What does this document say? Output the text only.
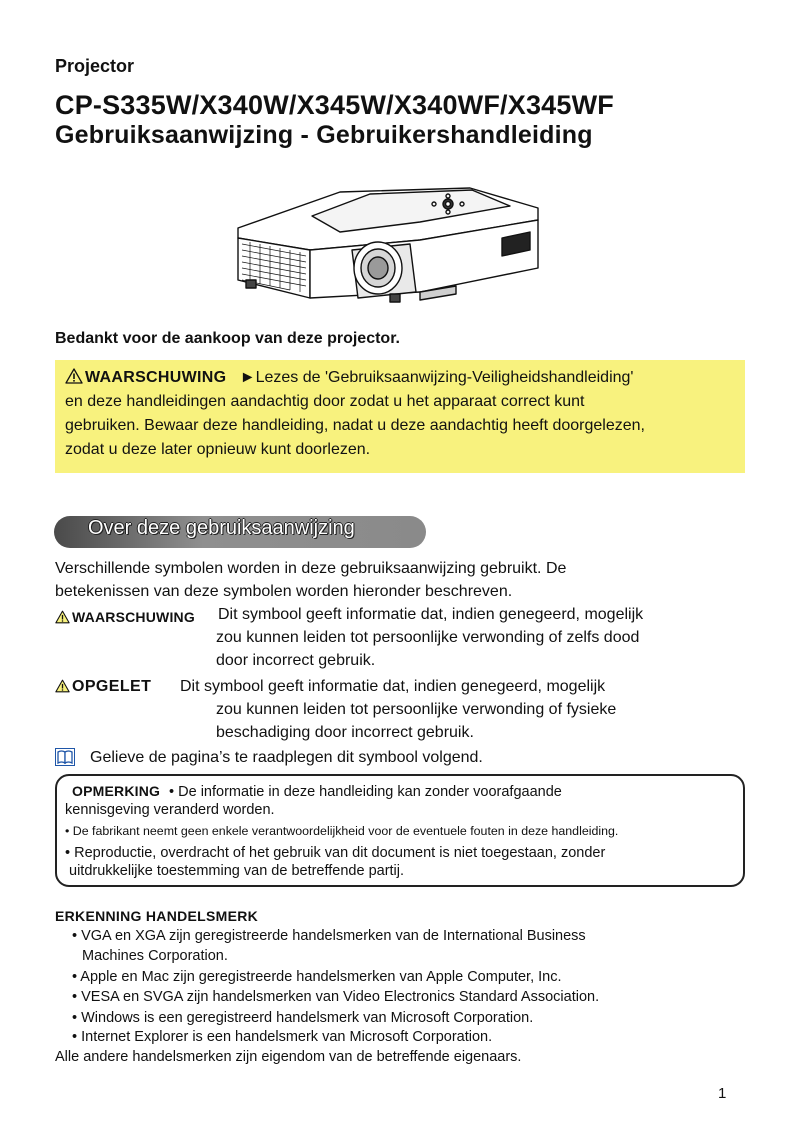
Projector
CP-S335W/X340W/X345W/X340WF/X345WF
Gebruiksaanwijzing - Gebruikershandleiding
Bedankt voor de aankoop van deze projector.
WAARSCHUWING ►Lezes de 'Gebruiksaanwijzing-Veiligheidshandleiding'
en deze handleidingen aandachtig door zodat u het apparaat correct kunt
gebruiken. Bewaar deze handleiding, nadat u deze aandachtig heeft doorgelezen,
zodat u deze later opnieuw kunt doorlezen.
Over deze gebruiksaanwijzing
Verschillende symbolen worden in deze gebruiksaanwijzing gebruikt. De
betekenissen van deze symbolen worden hieronder beschreven.
WAARSCHUWING Dit symbool geeft informatie dat, indien genegeerd, mogelijk
zou kunnen leiden tot persoonlijke verwonding of zelfs dood
door incorrect gebruik.
OPGELET Dit symbool geeft informatie dat, indien genegeerd, mogelijk
zou kunnen leiden tot persoonlijke verwonding of fysieke
beschadiging door incorrect gebruik.
Gelieve de pagina’s te raadplegen dit symbool volgend.
OPMERKING • De informatie in deze handleiding kan zonder voorafgaande
kennisgeving veranderd worden.
• De fabrikant neemt geen enkele verantwoordelijkheid voor de eventuele fouten in deze handleiding.
• Reproductie, overdracht of het gebruik van dit document is niet toegestaan, zonder
uitdrukkelijke toestemming van de betreffende partij.
ERKENNING HANDELSMERK
• VGA en XGA zijn geregistreerde handelsmerken van de International Business
Machines Corporation.
• Apple en Mac zijn geregistreerde handelsmerken van Apple Computer, Inc.
• VESA en SVGA zijn handelsmerken van Video Electronics Standard Association.
• Windows is een geregistreerd handelsmerk van Microsoft Corporation.
• Internet Explorer is een handelsmerk van Microsoft Corporation.
Alle andere handelsmerken zijn eigendom van de betreffende eigenaars.
1
